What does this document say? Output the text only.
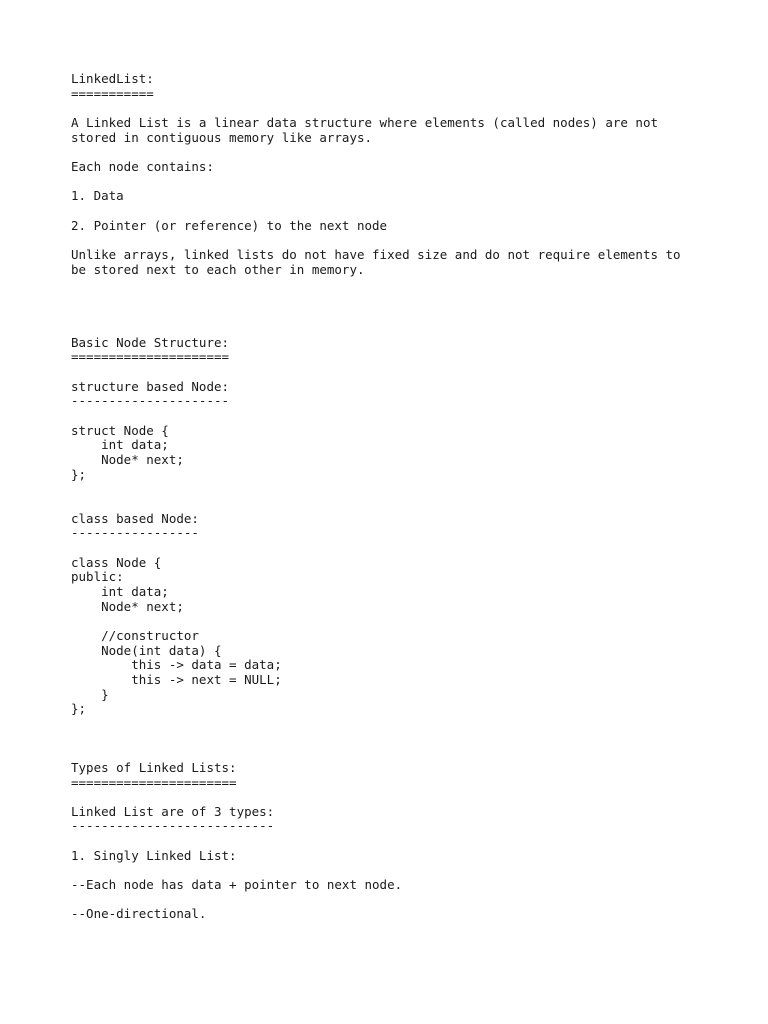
LinkedList:
===========

A Linked List is a linear data structure where elements (called nodes) are not
stored in contiguous memory like arrays.

Each node contains:

1. Data

2. Pointer (or reference) to the next node

Unlike arrays, linked lists do not have fixed size and do not require elements to
be stored next to each other in memory.

Basic Node Structure:
=====================

structure based Node:
---------------------

struct Node {
int data;
Node* next;
};

class based Node:
-----------------

class Node {
public:
int data;
Node* next;

//constructor
Node(int data) {
this -> data = data;
this -> next = NULL;
}
};

Types of Linked Lists:
======================

Linked List are of 3 types:
---------------------------

1. Singly Linked List:

--Each node has data + pointer to next node.

--One-directional.
